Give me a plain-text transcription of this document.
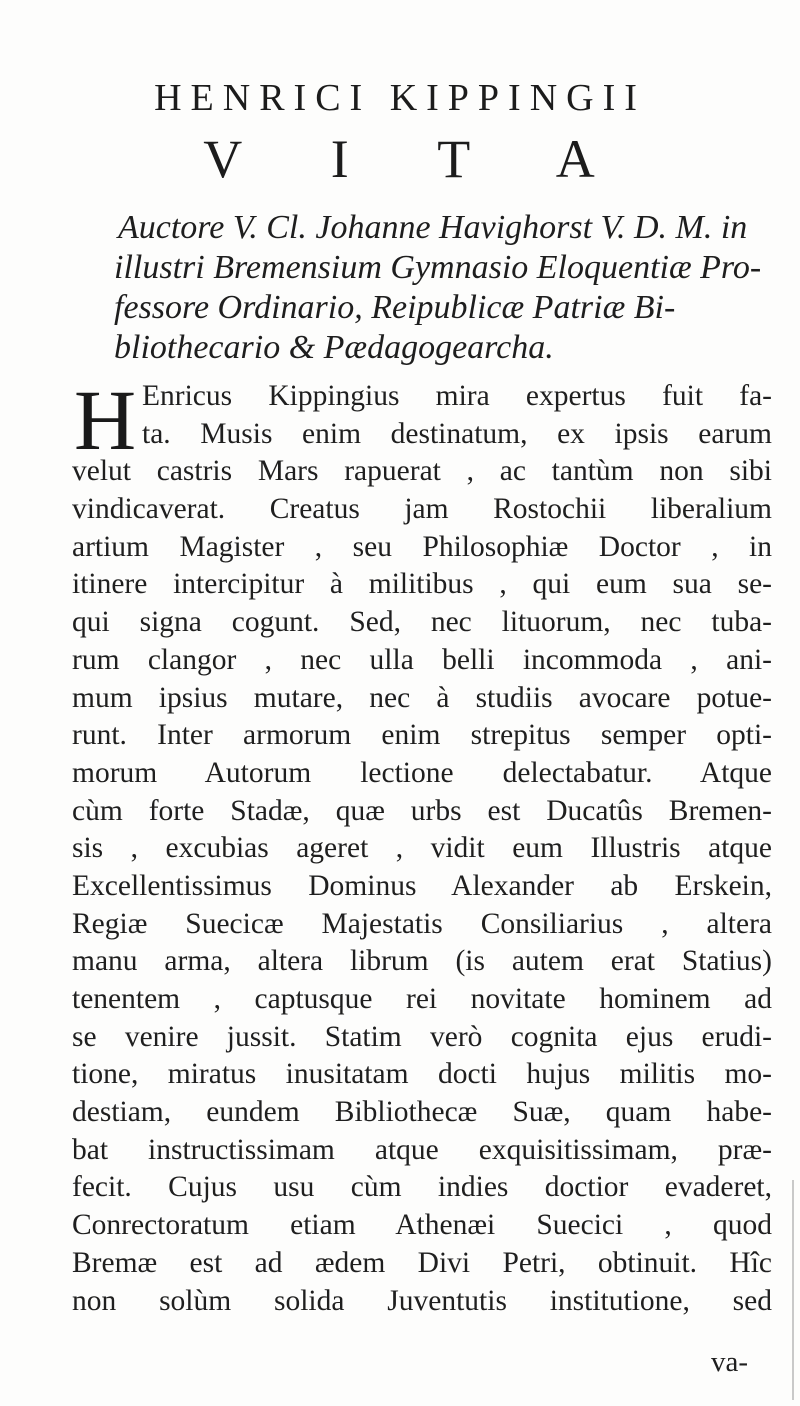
HENRICI KIPPINGII
V I T A
Auctore V. Cl. Johanne Havighorst V. D. M. in
illustri Bremensium Gymnasio Eloquentiæ Pro-
fessore Ordinario, Reipublicæ Patriæ Bi-
bliothecario & Pædagogearcha.
H Enricus Kippingius mira expertus fuit fa-
ta. Musis enim destinatum, ex ipsis earum
velut castris Mars rapuerat , ac tantùm non sibi
vindicaverat. Creatus jam Rostochii liberalium
artium Magister , seu Philosophiæ Doctor , in
itinere intercipitur à militibus , qui eum sua se-
qui signa cogunt. Sed, nec lituorum, nec tuba-
rum clangor , nec ulla belli incommoda , ani-
mum ipsius mutare, nec à studiis avocare potue-
runt. Inter armorum enim strepitus semper opti-
morum Autorum lectione delectabatur. Atque
cùm forte Stadæ, quæ urbs est Ducatûs Bremen-
sis , excubias ageret , vidit eum Illustris atque
Excellentissimus Dominus Alexander ab Erskein,
Regiæ Suecicæ Majestatis Consiliarius , altera
manu arma, altera librum (is autem erat Statius)
tenentem , captusque rei novitate hominem ad
se venire jussit. Statim verò cognita ejus erudi-
tione, miratus inusitatam docti hujus militis mo-
destiam, eundem Bibliothecæ Suæ, quam habe-
bat instructissimam atque exquisitissimam, præ-
fecit. Cujus usu cùm indies doctior evaderet,
Conrectoratum etiam Athenæi Suecici , quod
Bremæ est ad ædem Divi Petri, obtinuit. Hîc
non solùm solida Juventutis institutione, sed
va-
